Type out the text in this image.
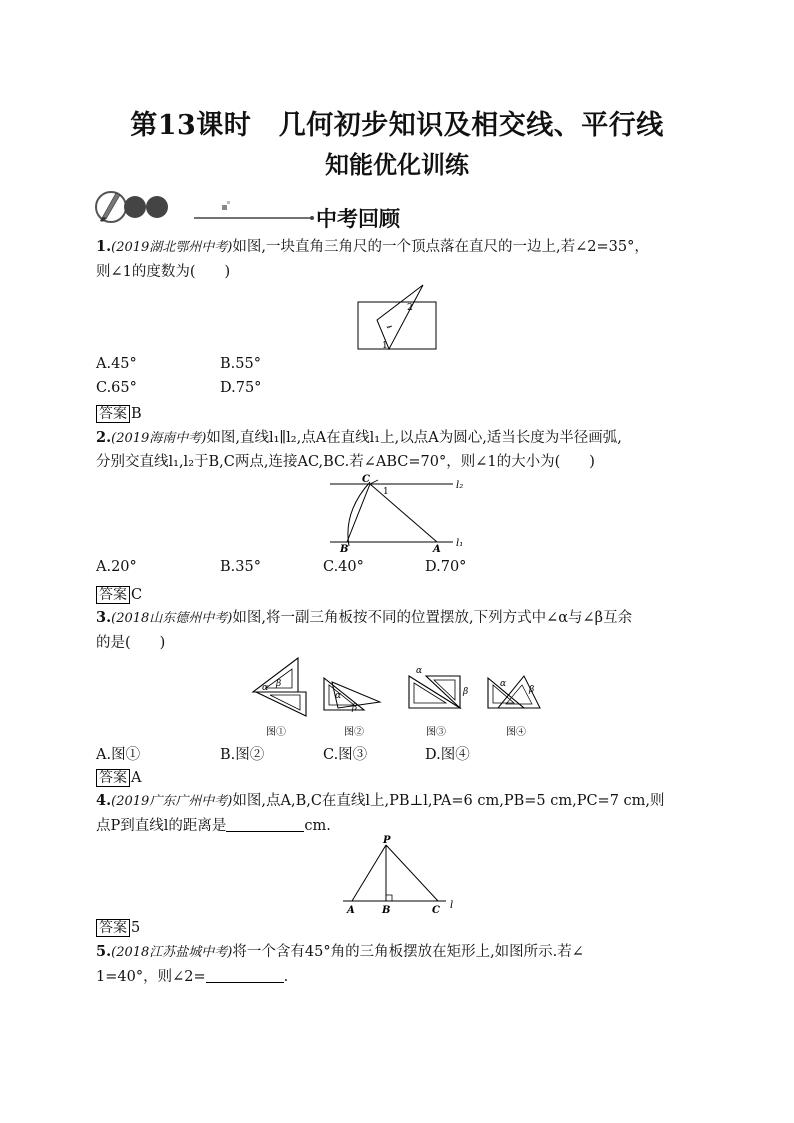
第13课时　几何初步知识及相交线、平行线
知能优化训练
中考回顾
1.(2019湖北鄂州中考)如图,一块直角三角尺的一个顶点落在直尺的一边上,若∠2=35°，
则∠1的度数为(　　)
2
1
A.45°	B.55°
C.65°	D.75°
答案 B
2.(2019海南中考)如图,直线l₁∥l₂,点A在直线l₁上,以点A为圆心,适当长度为半径画弧,
分别交直线l₁,l₂于B,C两点,连接AC,BC.若∠ABC=70°，则∠1的大小为(　　)
C
1
l₂
B	A
l₁
A.20°	B.35°	C.40°	D.70°
答案 C
3.(2018山东德州中考)如图,将一副三角板按不同的位置摆放,下列方式中∠α与∠β互余
的是(　　)
α β
图①
α
β
图②
α
β
图③
α
β
图④
A.图①	B.图②	C.图③	D.图④
答案 A
4.(2019广东广州中考)如图,点A,B,C在直线l上,PB⊥l,PA=6 cm,PB=5 cm,PC=7 cm,则
点P到直线l的距离是	cm.
P
A	B	C l
答案 5
5.(2018江苏盐城中考)将一个含有45°角的三角板摆放在矩形上,如图所示.若∠
1=40°，则∠2=	.
